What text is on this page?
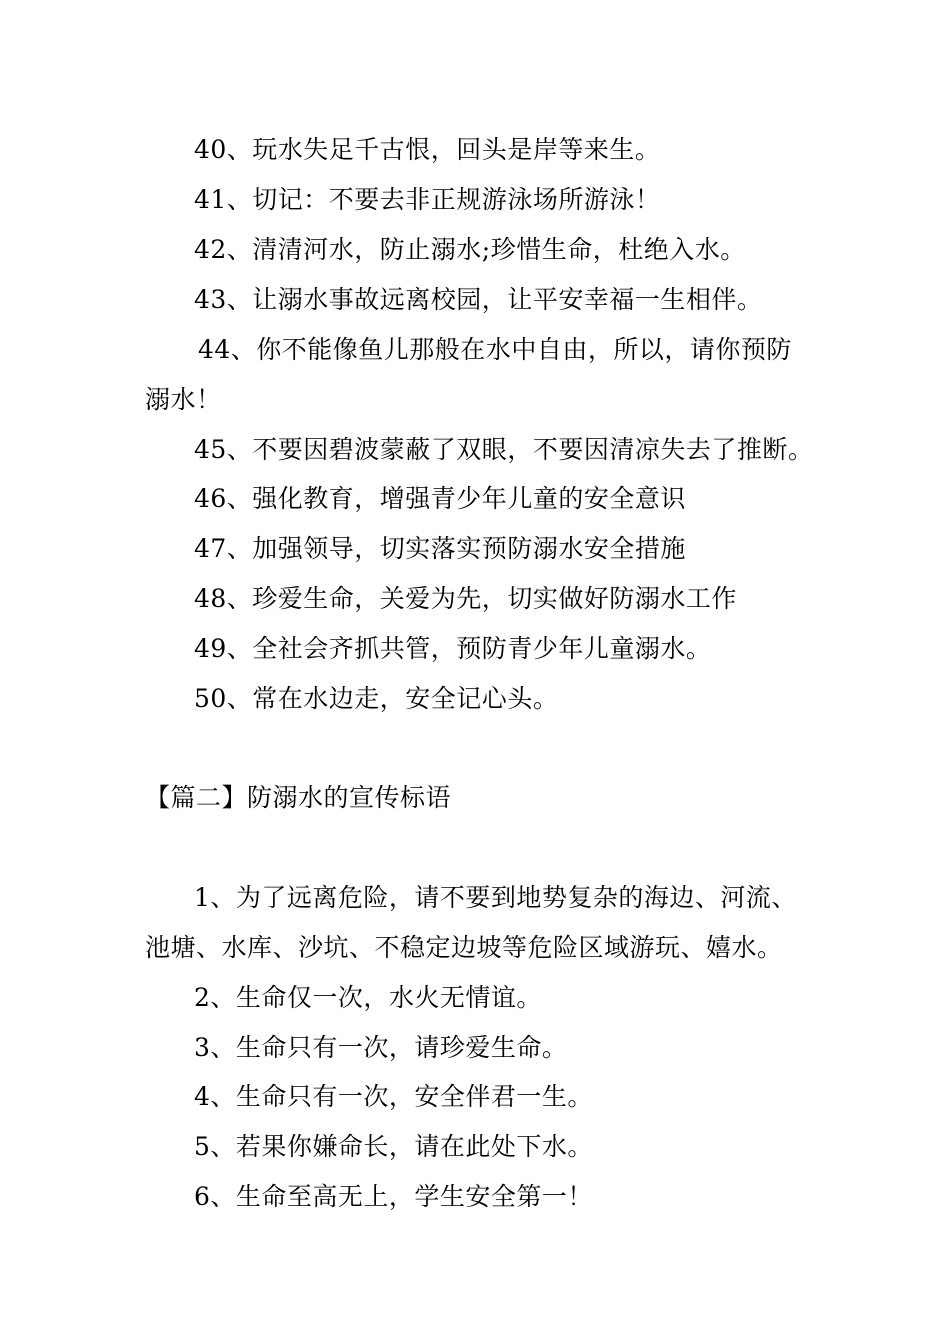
40、玩水失足千古恨，回头是岸等来生。
41、切记：不要去非正规游泳场所游泳！
42、清清河水，防止溺水;珍惜生命，杜绝入水。
43、让溺水事故远离校园，让平安幸福一生相伴。
44、你不能像鱼儿那般在水中自由，所以，请你预防
溺水！
45、不要因碧波蒙蔽了双眼，不要因清凉失去了推断。
46、强化教育，增强青少年儿童的安全意识
47、加强领导，切实落实预防溺水安全措施
48、珍爱生命，关爱为先，切实做好防溺水工作
49、全社会齐抓共管，预防青少年儿童溺水。
50、常在水边走，安全记心头。
【篇二】防溺水的宣传标语
1、为了远离危险，请不要到地势复杂的海边、河流、
池塘、水库、沙坑、不稳定边坡等危险区域游玩、嬉水。
2、生命仅一次，水火无情谊。
3、生命只有一次，请珍爱生命。
4、生命只有一次，安全伴君一生。
5、若果你嫌命长，请在此处下水。
6、生命至高无上，学生安全第一！
